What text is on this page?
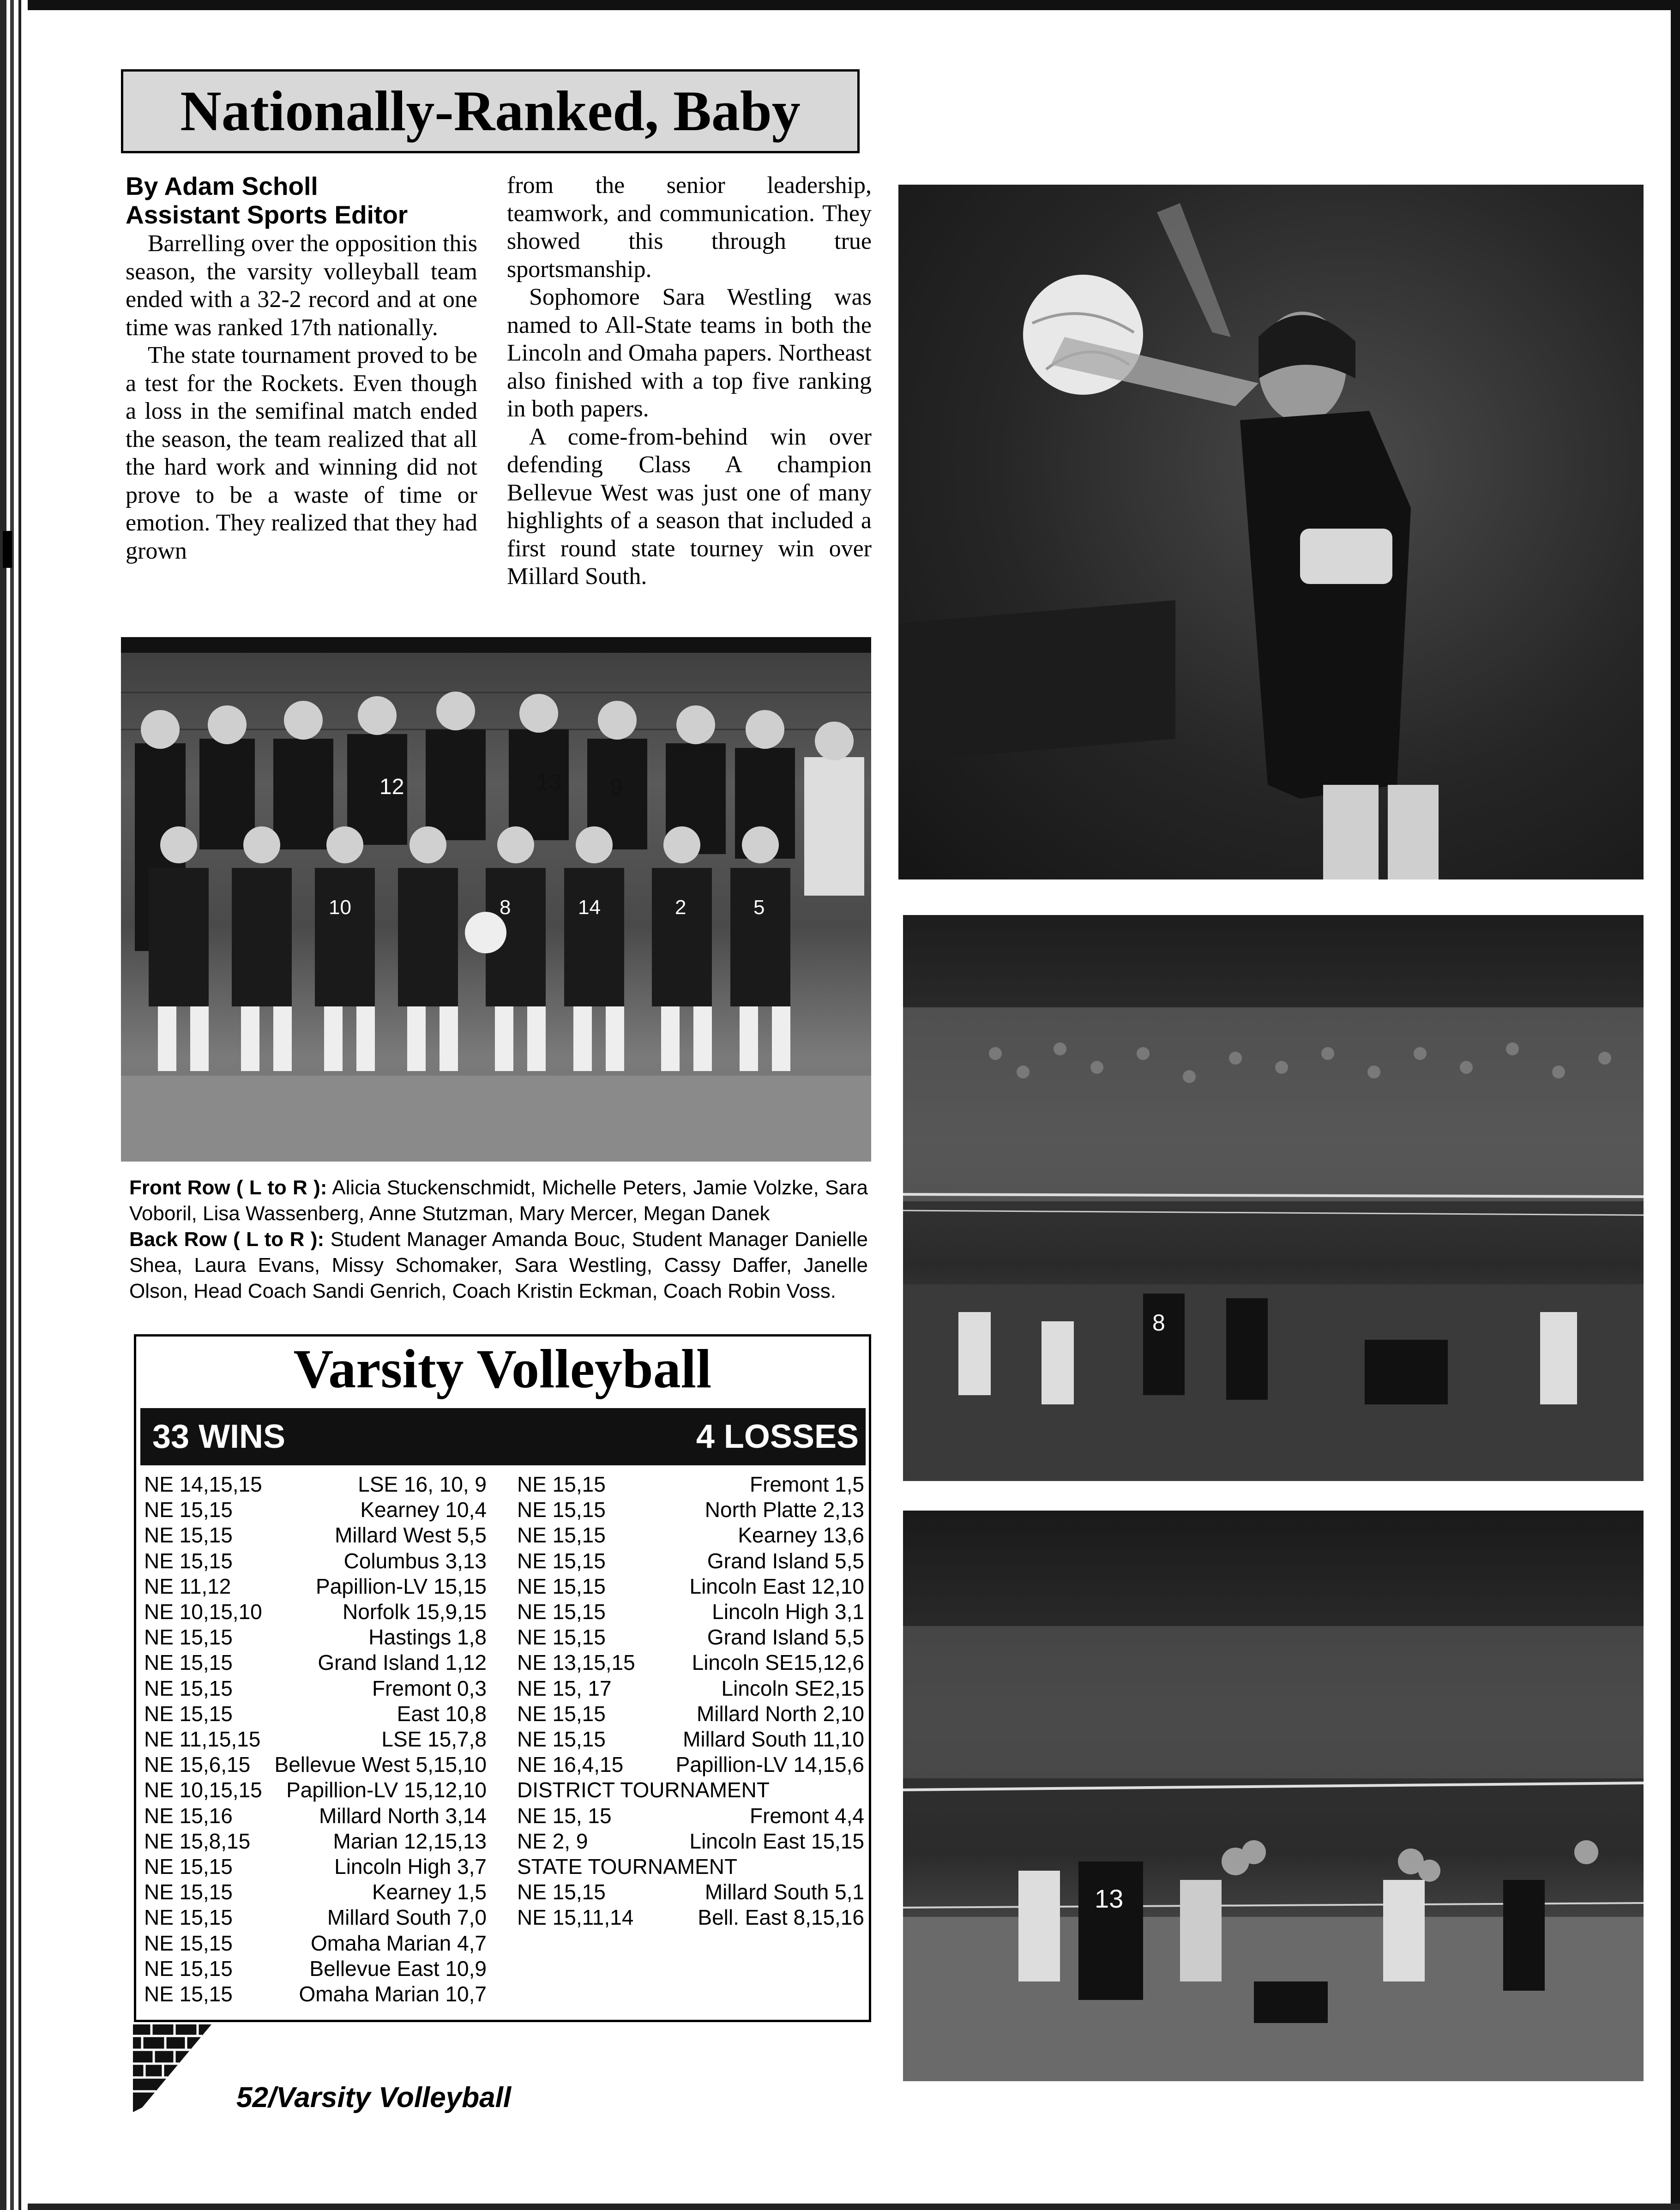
Nationally-Ranked, Baby
By Adam Scholl
Assistant Sports Editor

Barrelling over the opposition this season, the varsity volleyball team ended with a 32-2 record and at one time was ranked 17th nationally.

The state tournament proved to be a test for the Rockets. Even though a loss in the semifinal match ended the season, the team realized that all the hard work and winning did not prove to be a waste of time or emotion. They realized that they had grown

from the senior leadership, teamwork, and communication. They showed this through true sportsmanship.

Sophomore Sara Westling was named to All-State teams in both the Lincoln and Omaha papers. Northeast also finished with a top five ranking in both papers.

A come-from-behind win over defending Class A champion Bellevue West was just one of many highlights of a season that included a first round state tourney win over Millard South.

8
13
12	13 9
10	8	14	2	5
Front Row ( L to R ): Alicia Stuckenschmidt, Michelle Peters, Jamie Volzke, Sara Voboril, Lisa Wassenberg, Anne Stutzman, Mary Mercer, Megan Danek
Back Row ( L to R ): Student Manager Amanda Bouc, Student Manager Danielle Shea, Laura Evans, Missy Schomaker, Sara Westling, Cassy Daffer, Janelle Olson, Head Coach Sandi Genrich, Coach Kristin Eckman, Coach Robin Voss.
Varsity Volleyball
33 WINS	4 LOSSES
NE 14,15,15	LSE 16, 10, 9
NE 15,15	Kearney 10,4
NE 15,15	Millard West 5,5
NE 15,15	Columbus 3,13
NE 11,12	Papillion-LV 15,15
NE 10,15,10	Norfolk 15,9,15
NE 15,15	Hastings 1,8
NE 15,15	Grand Island 1,12
NE 15,15	Fremont 0,3
NE 15,15	East 10,8
NE 11,15,15	LSE 15,7,8
NE 15,6,15 Bellevue West 5,15,10
NE 10,15,15 Papillion-LV 15,12,10
NE 15,16	Millard North 3,14
NE 15,8,15	Marian 12,15,13
NE 15,15	Lincoln High 3,7
NE 15,15	Kearney 1,5
NE 15,15	Millard South 7,0
NE 15,15	Omaha Marian 4,7
NE 15,15	Bellevue East 10,9
NE 15,15	Omaha Marian 10,7
NE 15,15	Fremont 1,5
NE 15,15	North Platte 2,13
NE 15,15	Kearney 13,6
NE 15,15	Grand Island 5,5
NE 15,15	Lincoln East 12,10
NE 15,15	Lincoln High 3,1
NE 15,15	Grand Island 5,5
NE 13,15,15	Lincoln SE15,12,6
NE 15, 17	Lincoln SE2,15
NE 15,15	Millard North 2,10
NE 15,15	Millard South 11,10
NE 16,4,15 Papillion-LV 14,15,6
DISTRICT TOURNAMENT
NE 15, 15	Fremont 4,4
NE 2, 9	Lincoln East 15,15
STATE TOURNAMENT
NE 15,15	Millard South 5,1
NE 15,11,14	Bell. East 8,15,16
52/Varsity Volleyball
